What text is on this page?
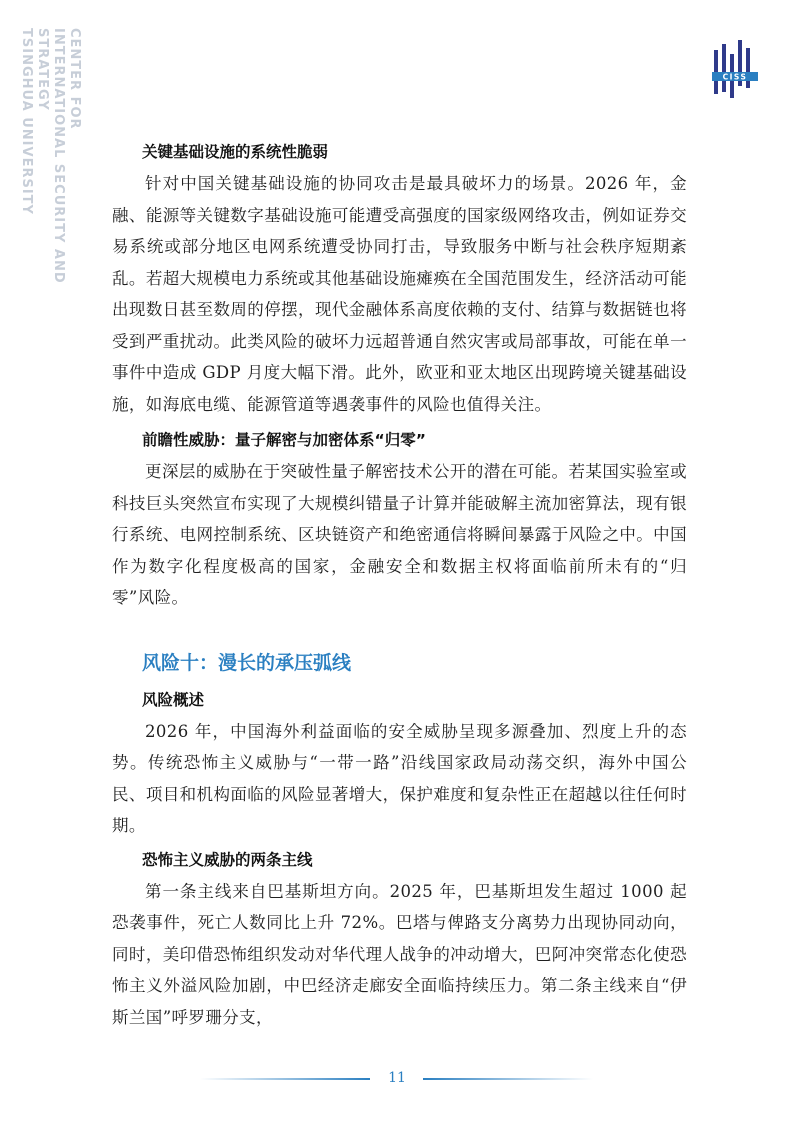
CENTER FOR
INTERNATIONAL SECURITY AND STRATEGY
TSINGHUA UNIVERSITY	CISS
关键基础设施的系统性脆弱

针对中国关键基础设施的协同攻击是最具破坏力的场景。2026 年，金融、能源等关键数字基础设施可能遭受高强度的国家级网络攻击，例如证券交易系统或部分地区电网系统遭受协同打击，导致服务中断与社会秩序短期紊乱。若超大规模电力系统或其他基础设施瘫痪在全国范围发生，经济活动可能出现数日甚至数周的停摆，现代金融体系高度依赖的支付、结算与数据链也将受到严重扰动。此类风险的破坏力远超普通自然灾害或局部事故，可能在单一事件中造成 GDP 月度大幅下滑。此外，欧亚和亚太地区出现跨境关键基础设施，如海底电缆、能源管道等遇袭事件的风险也值得关注。

前瞻性威胁：量子解密与加密体系“归零”

更深层的威胁在于突破性量子解密技术公开的潜在可能。若某国实验室或科技巨头突然宣布实现了大规模纠错量子计算并能破解主流加密算法，现有银行系统、电网控制系统、区块链资产和绝密通信将瞬间暴露于风险之中。中国作为数字化程度极高的国家，金融安全和数据主权将面临前所未有的“归零”风险。

风险十：漫长的承压弧线
风险概述

2026 年，中国海外利益面临的安全威胁呈现多源叠加、烈度上升的态势。传统恐怖主义威胁与“一带一路”沿线国家政局动荡交织，海外中国公民、项目和机构面临的风险显著增大，保护难度和复杂性正在超越以往任何时期。

恐怖主义威胁的两条主线

第一条主线来自巴基斯坦方向。2025 年，巴基斯坦发生超过 1000 起恐袭事件，死亡人数同比上升 72%。巴塔与俾路支分离势力出现协同动向，同时，美印借恐怖组织发动对华代理人战争的冲动增大，巴阿冲突常态化使恐怖主义外溢风险加剧，中巴经济走廊安全面临持续压力。第二条主线来自“伊斯兰国”呼罗珊分支，

11
